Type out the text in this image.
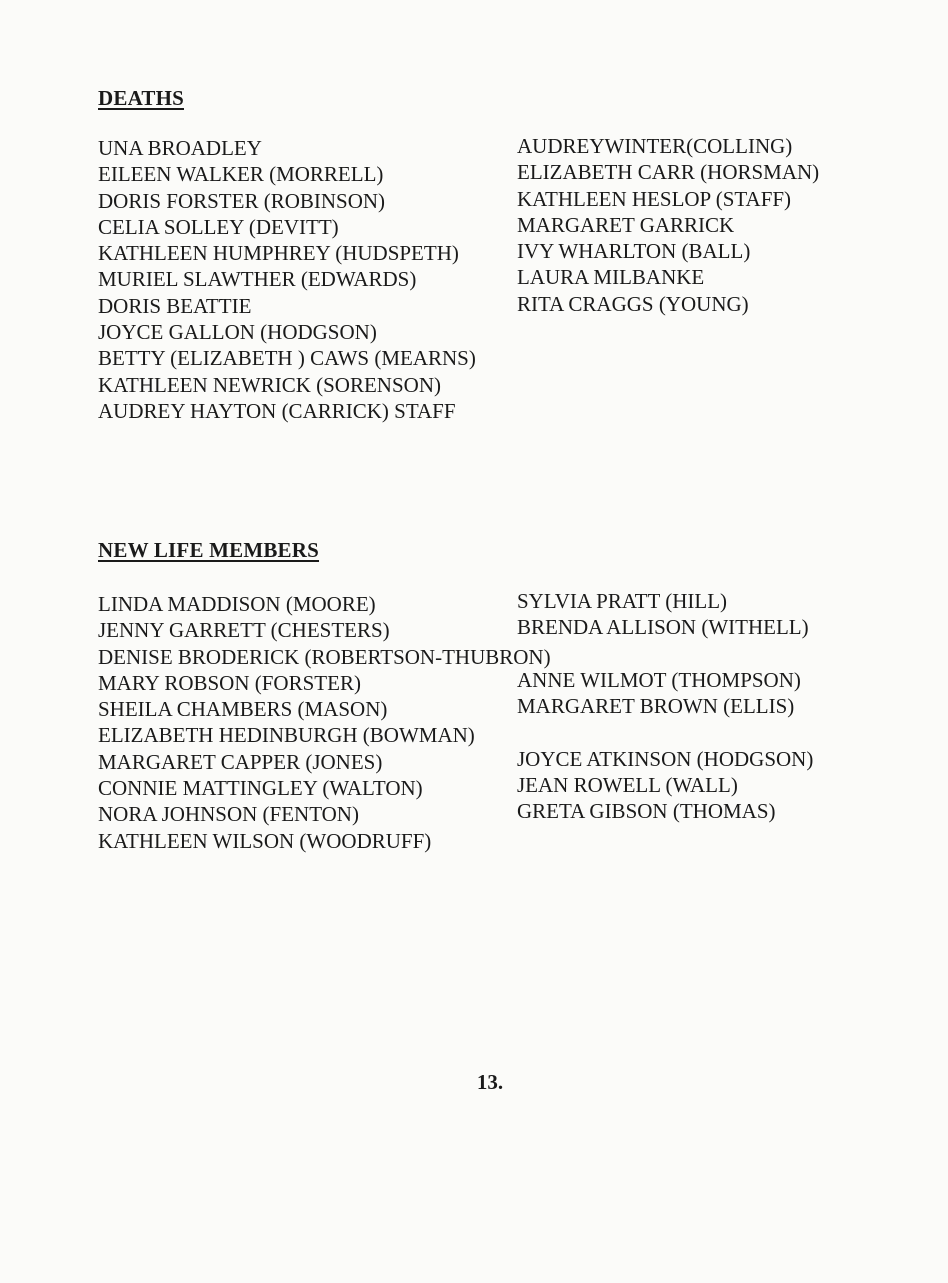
DEATHS
UNA BROADLEY
EILEEN WALKER (MORRELL)
DORIS FORSTER (ROBINSON)
CELIA SOLLEY (DEVITT)
KATHLEEN HUMPHREY (HUDSPETH)
MURIEL SLAWTHER (EDWARDS)
DORIS BEATTIE
JOYCE GALLON (HODGSON)
BETTY (ELIZABETH ) CAWS (MEARNS)
KATHLEEN NEWRICK (SORENSON)
AUDREY HAYTON (CARRICK) STAFF
AUDREYWINTER(COLLING)
ELIZABETH CARR (HORSMAN)
KATHLEEN HESLOP (STAFF)
MARGARET GARRICK
IVY WHARLTON (BALL)
LAURA MILBANKE
RITA CRAGGS (YOUNG)
NEW LIFE MEMBERS
LINDA MADDISON (MOORE)
JENNY GARRETT (CHESTERS)
DENISE BRODERICK (ROBERTSON-THUBRON)
MARY ROBSON (FORSTER)
SHEILA CHAMBERS (MASON)
ELIZABETH HEDINBURGH (BOWMAN)
MARGARET CAPPER (JONES)
CONNIE MATTINGLEY (WALTON)
NORA JOHNSON (FENTON)
KATHLEEN WILSON (WOODRUFF)
SYLVIA PRATT (HILL)
BRENDA ALLISON (WITHELL)
ANNE WILMOT (THOMPSON)
MARGARET BROWN (ELLIS)
JOYCE ATKINSON (HODGSON)
JEAN ROWELL (WALL)
GRETA GIBSON (THOMAS)
13.
